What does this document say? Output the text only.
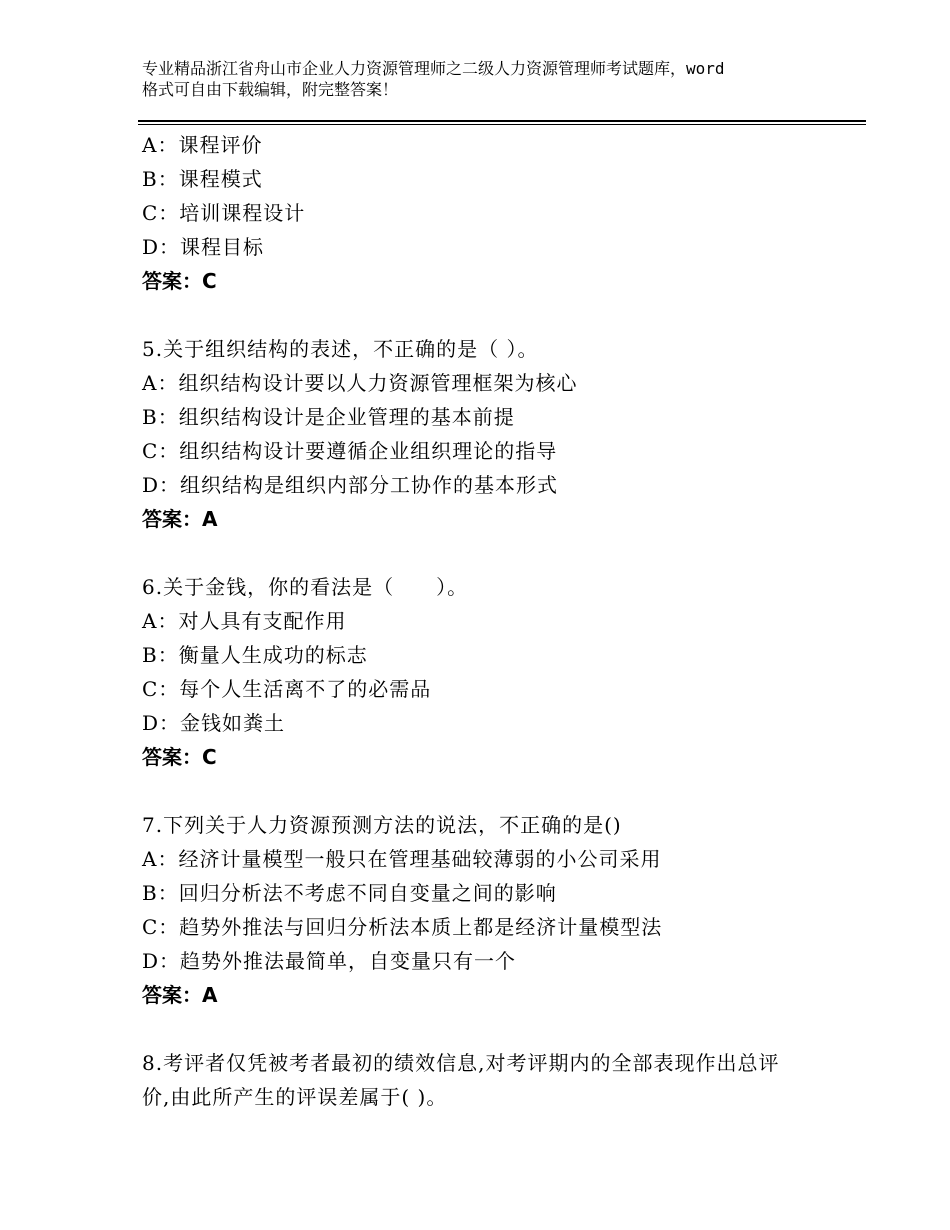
专业精品浙江省舟山市企业人力资源管理师之二级人力资源管理师考试题库，word
格式可自由下载编辑，附完整答案！
A：课程评价
B：课程模式
C：培训课程设计
D：课程目标
答案：C
5.关于组织结构的表述，不正确的是（ ）。
A：组织结构设计要以人力资源管理框架为核心
B：组织结构设计是企业管理的基本前提
C：组织结构设计要遵循企业组织理论的指导
D：组织结构是组织内部分工协作的基本形式
答案：A
6.关于金钱，你的看法是（　　）。
A：对人具有支配作用
B：衡量人生成功的标志
C：每个人生活离不了的必需品
D：金钱如粪土
答案：C
7.下列关于人力资源预测方法的说法，不正确的是()
A：经济计量模型一般只在管理基础较薄弱的小公司采用
B：回归分析法不考虑不同自变量之间的影响
C：趋势外推法与回归分析法本质上都是经济计量模型法
D：趋势外推法最简单，自变量只有一个
答案：A
8.考评者仅凭被考者最初的绩效信息,对考评期内的全部表现作出总评
价,由此所产生的评误差属于( )。
